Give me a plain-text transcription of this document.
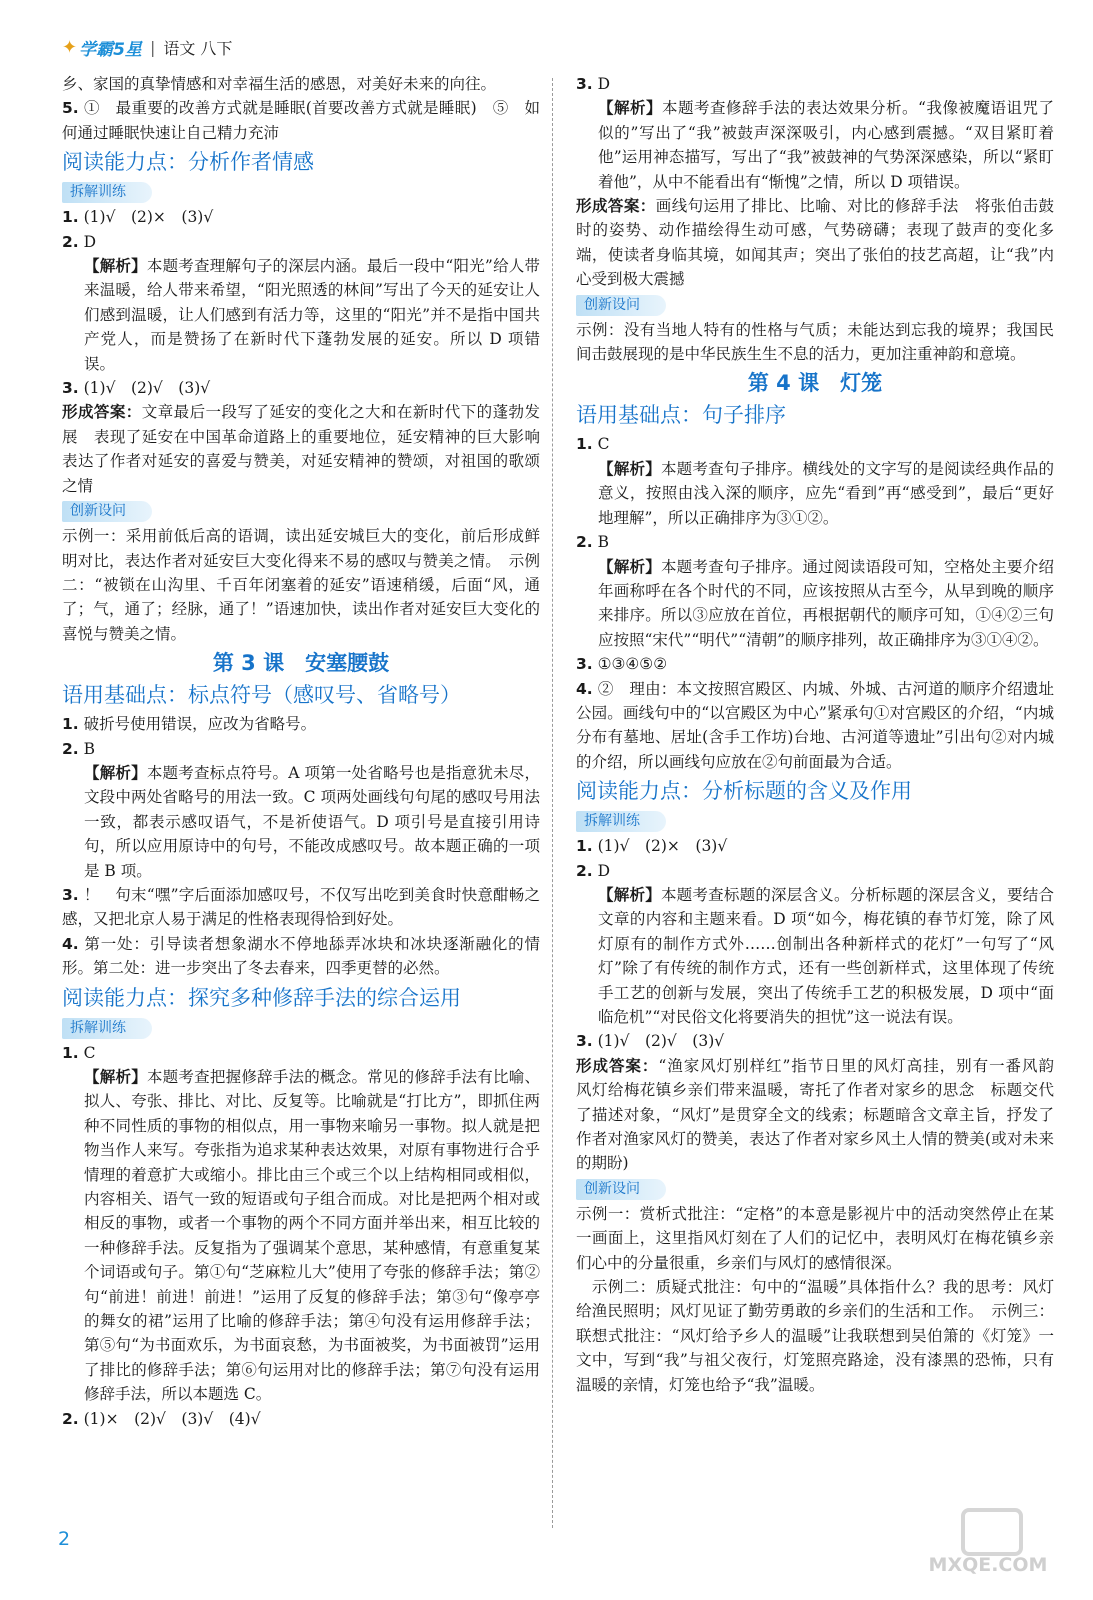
✦ 学霸5星 | 语文 八下

乡、家国的真挚情感和对幸福生活的感恩，对美好未来的向往。

5. ①　最重要的改善方式就是睡眠(首要改善方式就是睡眠)　⑤　如何通过睡眠快速让自己精力充沛

阅读能力点：分析作者情感
拆解训练

1. (1)√　(2)×　(3)√

2. D

【解析】本题考查理解句子的深层内涵。最后一段中“阳光”给人带来温暖，给人带来希望，“阳光照透的林间”写出了今天的延安让人们感到温暖，让人们感到有活力等，这里的“阳光”并不是指中国共产党人，而是赞扬了在新时代下蓬勃发展的延安。所以 D 项错误。

3. (1)√　(2)√　(3)√

形成答案：文章最后一段写了延安的变化之大和在新时代下的蓬勃发展　表现了延安在中国革命道路上的重要地位，延安精神的巨大影响　表达了作者对延安的喜爱与赞美，对延安精神的赞颂，对祖国的歌颂之情

创新设问

示例一：采用前低后高的语调，读出延安城巨大的变化，前后形成鲜明对比，表达作者对延安巨大变化得来不易的感叹与赞美之情。　示例二：“被锁在山沟里、千百年闭塞着的延安”语速稍缓，后面“风，通了；气，通了；经脉，通了！”语速加快，读出作者对延安巨大变化的喜悦与赞美之情。

第 3 课　安塞腰鼓
语用基础点：标点符号（感叹号、省略号）

1. 破折号使用错误，应改为省略号。

2. B

【解析】本题考查标点符号。A 项第一处省略号也是指意犹未尽，文段中两处省略号的用法一致。C 项两处画线句句尾的感叹号用法一致，都表示感叹语气，不是祈使语气。D 项引号是直接引用诗句，所以应用原诗中的句号，不能改成感叹号。故本题正确的一项是 B 项。

3. ！　句末“嘿”字后面添加感叹号，不仅写出吃到美食时快意酣畅之感，又把北京人易于满足的性格表现得恰到好处。

4. 第一处：引导读者想象湖水不停地舔弄冰块和冰块逐渐融化的情形。第二处：进一步突出了冬去春来，四季更替的必然。

阅读能力点：探究多种修辞手法的综合运用
拆解训练

1. C

【解析】本题考查把握修辞手法的概念。常见的修辞手法有比喻、拟人、夸张、排比、对比、反复等。比喻就是“打比方”，即抓住两种不同性质的事物的相似点，用一事物来喻另一事物。拟人就是把物当作人来写。夸张指为追求某种表达效果，对原有事物进行合乎情理的着意扩大或缩小。排比由三个或三个以上结构相同或相似，内容相关、语气一致的短语或句子组合而成。对比是把两个相对或相反的事物，或者一个事物的两个不同方面并举出来，相互比较的一种修辞手法。反复指为了强调某个意思，某种感情，有意重复某个词语或句子。第①句“芝麻粒儿大”使用了夸张的修辞手法；第②句“前进！前进！前进！”运用了反复的修辞手法；第③句“像亭亭的舞女的裙”运用了比喻的修辞手法；第④句没有运用修辞手法；第⑤句“为书面欢乐，为书面哀愁，为书面被奖，为书面被罚”运用了排比的修辞手法；第⑥句运用对比的修辞手法；第⑦句没有运用修辞手法，所以本题选 C。

2. (1)×　(2)√　(3)√　(4)√

3. D

【解析】本题考查修辞手法的表达效果分析。“我像被魔语诅咒了似的”写出了“我”被鼓声深深吸引，内心感到震撼。“双目紧盯着他”运用神态描写，写出了“我”被鼓神的气势深深感染，所以“紧盯着他”，从中不能看出有“惭愧”之情，所以 D 项错误。

形成答案：画线句运用了排比、比喻、对比的修辞手法　将张伯击鼓时的姿势、动作描绘得生动可感，气势磅礴；表现了鼓声的变化多端，使读者身临其境，如闻其声；突出了张伯的技艺高超，让“我”内心受到极大震撼

创新设问

示例：没有当地人特有的性格与气质；未能达到忘我的境界；我国民间击鼓展现的是中华民族生生不息的活力，更加注重神韵和意境。

第 4 课　灯笼
语用基础点：句子排序

1. C

【解析】本题考查句子排序。横线处的文字写的是阅读经典作品的意义，按照由浅入深的顺序，应先“看到”再“感受到”，最后“更好地理解”，所以正确排序为③①②。

2. B

【解析】本题考查句子排序。通过阅读语段可知，空格处主要介绍年画称呼在各个时代的不同，应该按照从古至今，从早到晚的顺序来排序。所以③应放在首位，再根据朝代的顺序可知，①④②三句应按照“宋代”“明代”“清朝”的顺序排列，故正确排序为③①④②。

3. ①③④⑤②

4. ②　理由：本文按照宫殿区、内城、外城、古河道的顺序介绍遗址公园。画线句中的“以宫殿区为中心”紧承句①对宫殿区的介绍，“内城分布有墓地、居址(含手工作坊)台地、古河道等遗址”引出句②对内城的介绍，所以画线句应放在②句前面最为合适。

阅读能力点：分析标题的含义及作用
拆解训练

1. (1)√　(2)×　(3)√

2. D

【解析】本题考查标题的深层含义。分析标题的深层含义，要结合文章的内容和主题来看。D 项“如今，梅花镇的春节灯笼，除了风灯原有的制作方式外……创制出各种新样式的花灯”一句写了“风灯”除了有传统的制作方式，还有一些创新样式，这里体现了传统手工艺的创新与发展，突出了传统手工艺的积极发展，D 项中“面临危机”“对民俗文化将要消失的担忧”这一说法有误。

3. (1)√　(2)√　(3)√

形成答案：“渔家风灯别样红”指节日里的风灯高挂，别有一番风韵　风灯给梅花镇乡亲们带来温暖，寄托了作者对家乡的思念　标题交代了描述对象，“风灯”是贯穿全文的线索；标题暗含文章主旨，抒发了作者对渔家风灯的赞美，表达了作者对家乡风土人情的赞美(或对未来的期盼)

创新设问

示例一：赏析式批注：“定格”的本意是影视片中的活动突然停止在某一画面上，这里指风灯刻在了人们的记忆中，表明风灯在梅花镇乡亲们心中的分量很重，乡亲们与风灯的感情很深。

　示例二：质疑式批注：句中的“温暖”具体指什么？我的思考：风灯给渔民照明；风灯见证了勤劳勇敢的乡亲们的生活和工作。　示例三：联想式批注：“风灯给予乡人的温暖”让我联想到吴伯箫的《灯笼》一文中，写到“我”与祖父夜行，灯笼照亮路途，没有漆黑的恐怖，只有温暖的亲情，灯笼也给予“我”温暖。

2
MXQE.COM
